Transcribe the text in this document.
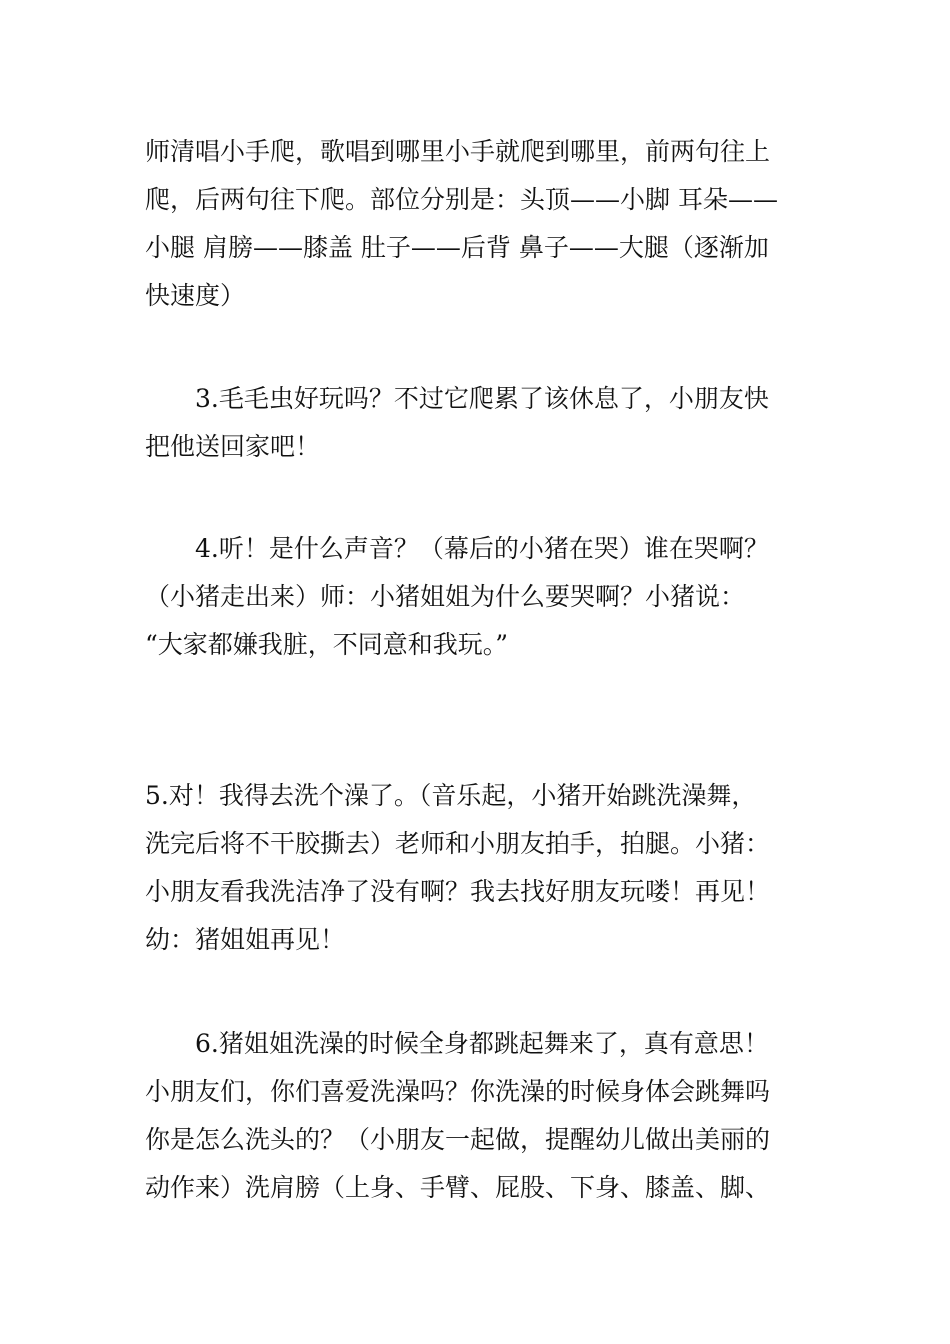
师清唱小手爬，歌唱到哪里小手就爬到哪里，前两句往上
爬，后两句往下爬。部位分别是：头顶——小脚 耳朵——
小腿 肩膀——膝盖 肚子——后背 鼻子——大腿（逐渐加
快速度）

　　3.毛毛虫好玩吗？不过它爬累了该休息了，小朋友快
把他送回家吧！

　　4.听！是什么声音？（幕后的小猪在哭）谁在哭啊？
（小猪走出来）师：小猪姐姐为什么要哭啊？小猪说：
“大家都嫌我脏，不同意和我玩。”

5.对！我得去洗个澡了。（音乐起，小猪开始跳洗澡舞，
洗完后将不干胶撕去）老师和小朋友拍手，拍腿。小猪：
小朋友看我洗洁净了没有啊？我去找好朋友玩喽！再见！
幼：猪姐姐再见！

　　6.猪姐姐洗澡的时候全身都跳起舞来了，真有意思！
小朋友们，你们喜爱洗澡吗？你洗澡的时候身体会跳舞吗
你是怎么洗头的？（小朋友一起做，提醒幼儿做出美丽的
动作来）洗肩膀（上身、手臂、屁股、下身、膝盖、脚、
